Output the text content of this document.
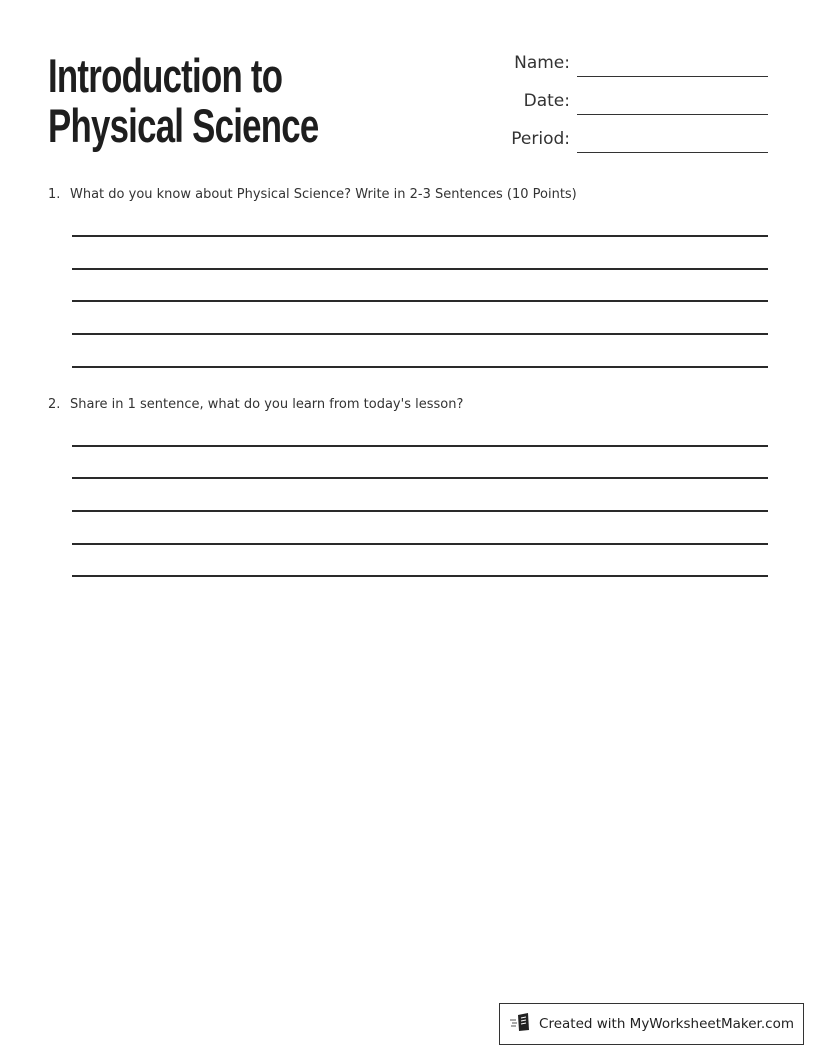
Introduction to
Physical Science
Name:
Date:
Period:
1. What do you know about Physical Science? Write in 2-3 Sentences (10 Points)
2. Share in 1 sentence, what do you learn from today's lesson?
Created with MyWorksheetMaker.com
